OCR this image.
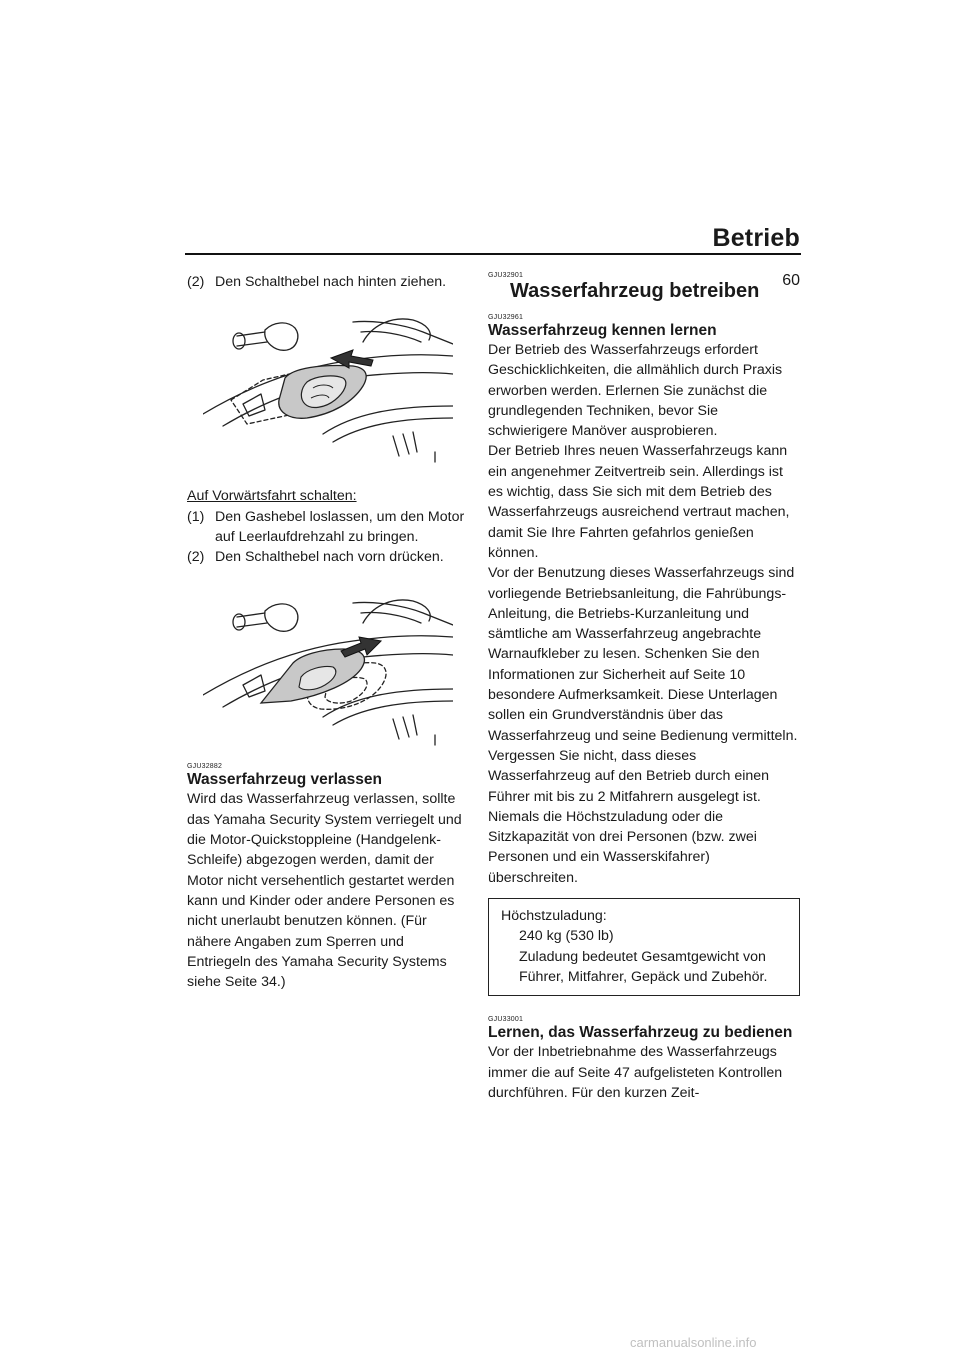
Betrieb
60
(2) Den Schalthebel nach hinten ziehen.
Auf Vorwärtsfahrt schalten:
(1) Den Gashebel loslassen, um den Motor auf Leerlaufdrehzahl zu bringen.
(2) Den Schalthebel nach vorn drücken.
GJU32882
Wasserfahrzeug verlassen

Wird das Wasserfahrzeug verlassen, sollte das Yamaha Security System verriegelt und die Motor-Quickstoppleine (Handgelenk-Schleife) abgezogen werden, damit der Motor nicht versehentlich gestartet werden kann und Kinder oder andere Personen es nicht unerlaubt benutzen können. (Für nähere Angaben zum Sperren und Entriegeln des Yamaha Security Systems siehe Seite 34.)

GJU32901
Wasserfahrzeug betreiben
GJU32961
Wasserfahrzeug kennen lernen

Der Betrieb des Wasserfahrzeugs erfordert Geschicklichkeiten, die allmählich durch Praxis erworben werden. Erlernen Sie zunächst die grundlegenden Techniken, bevor Sie schwierigere Manöver ausprobieren.

Der Betrieb Ihres neuen Wasserfahrzeugs kann ein angenehmer Zeitvertreib sein. Allerdings ist es wichtig, dass Sie sich mit dem Betrieb des Wasserfahrzeugs ausreichend vertraut machen, damit Sie Ihre Fahrten gefahrlos genießen können.

Vor der Benutzung dieses Wasserfahrzeugs sind vorliegende Betriebsanleitung, die Fahrübungs-Anleitung, die Betriebs-Kurzanleitung und sämtliche am Wasserfahrzeug angebrachte Warnaufkleber zu lesen. Schenken Sie den Informationen zur Sicherheit auf Seite 10 besondere Aufmerksamkeit. Diese Unterlagen sollen ein Grundverständnis über das Wasserfahrzeug und seine Bedienung vermitteln.

Vergessen Sie nicht, dass dieses Wasserfahrzeug auf den Betrieb durch einen Führer mit bis zu 2 Mitfahrern ausgelegt ist. Niemals die Höchstzuladung oder die Sitzkapazität von drei Personen (bzw. zwei Personen und ein Wasserskifahrer) überschreiten.

Höchstzuladung:
240 kg (530 lb)
Zuladung bedeutet Gesamtgewicht von Führer, Mitfahrer, Gepäck und Zubehör.
GJU33001
Lernen, das Wasserfahrzeug zu bedienen

Vor der Inbetriebnahme des Wasserfahrzeugs immer die auf Seite 47 aufgelisteten Kontrollen durchführen. Für den kurzen Zeit-

carmanualsonline.info
